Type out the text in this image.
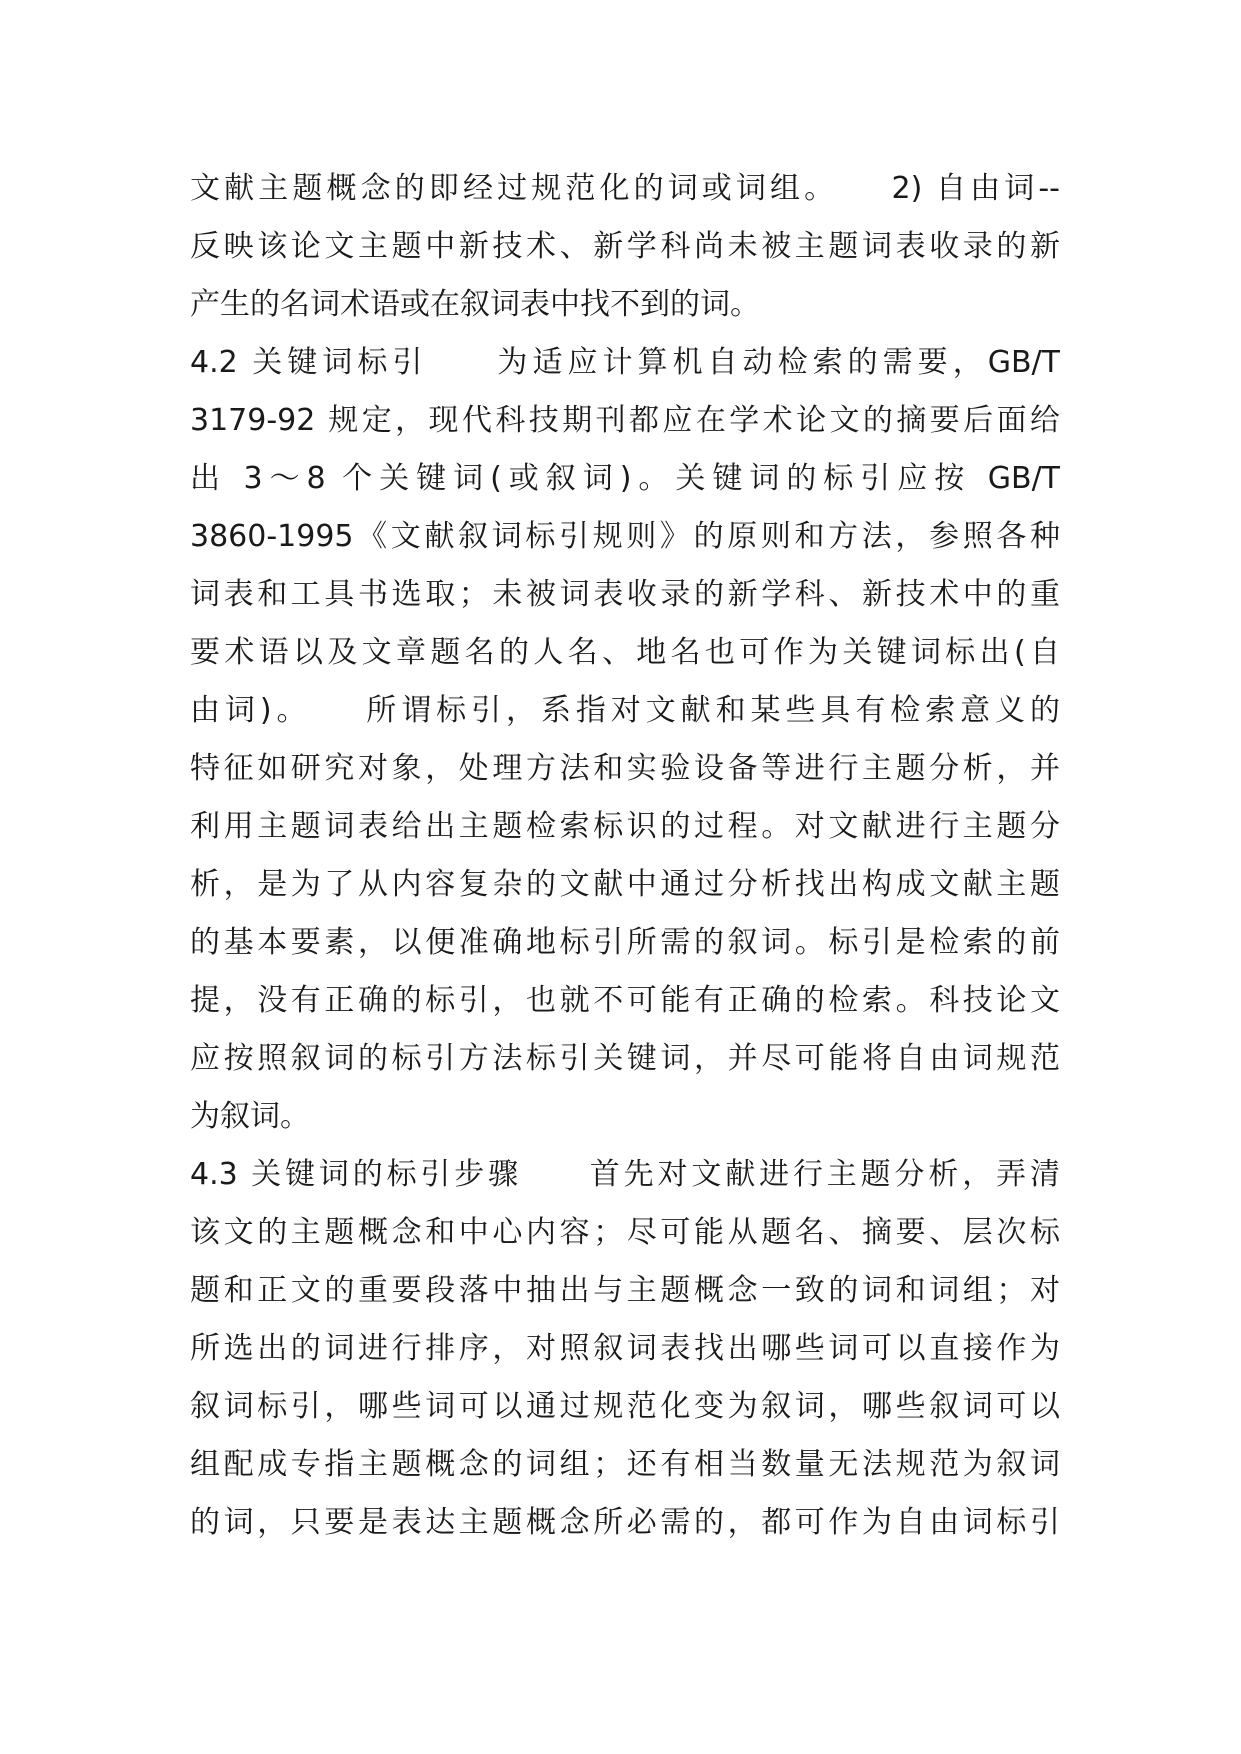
文献主题概念的即经过规范化的词或词组。　　2) 自由词--
反映该论文主题中新技术、新学科尚未被主题词表收录的新
产生的名词术语或在叙词表中找不到的词。
4.2 关键词标引　　为适应计算机自动检索的需要，GB/T
3179-92 规定，现代科技期刊都应在学术论文的摘要后面给
出 3～8 个关键词(或叙词)。关键词的标引应按 GB/T
3860-1995《文献叙词标引规则》的原则和方法，参照各种
词表和工具书选取；未被词表收录的新学科、新技术中的重
要术语以及文章题名的人名、地名也可作为关键词标出(自
由词)。　　所谓标引，系指对文献和某些具有检索意义的
特征如研究对象，处理方法和实验设备等进行主题分析，并
利用主题词表给出主题检索标识的过程。对文献进行主题分
析，是为了从内容复杂的文献中通过分析找出构成文献主题
的基本要素，以便准确地标引所需的叙词。标引是检索的前
提，没有正确的标引，也就不可能有正确的检索。科技论文
应按照叙词的标引方法标引关键词，并尽可能将自由词规范
为叙词。
4.3 关键词的标引步骤　　首先对文献进行主题分析，弄清
该文的主题概念和中心内容；尽可能从题名、摘要、层次标
题和正文的重要段落中抽出与主题概念一致的词和词组；对
所选出的词进行排序，对照叙词表找出哪些词可以直接作为
叙词标引，哪些词可以通过规范化变为叙词，哪些叙词可以
组配成专指主题概念的词组；还有相当数量无法规范为叙词
的词，只要是表达主题概念所必需的，都可作为自由词标引
